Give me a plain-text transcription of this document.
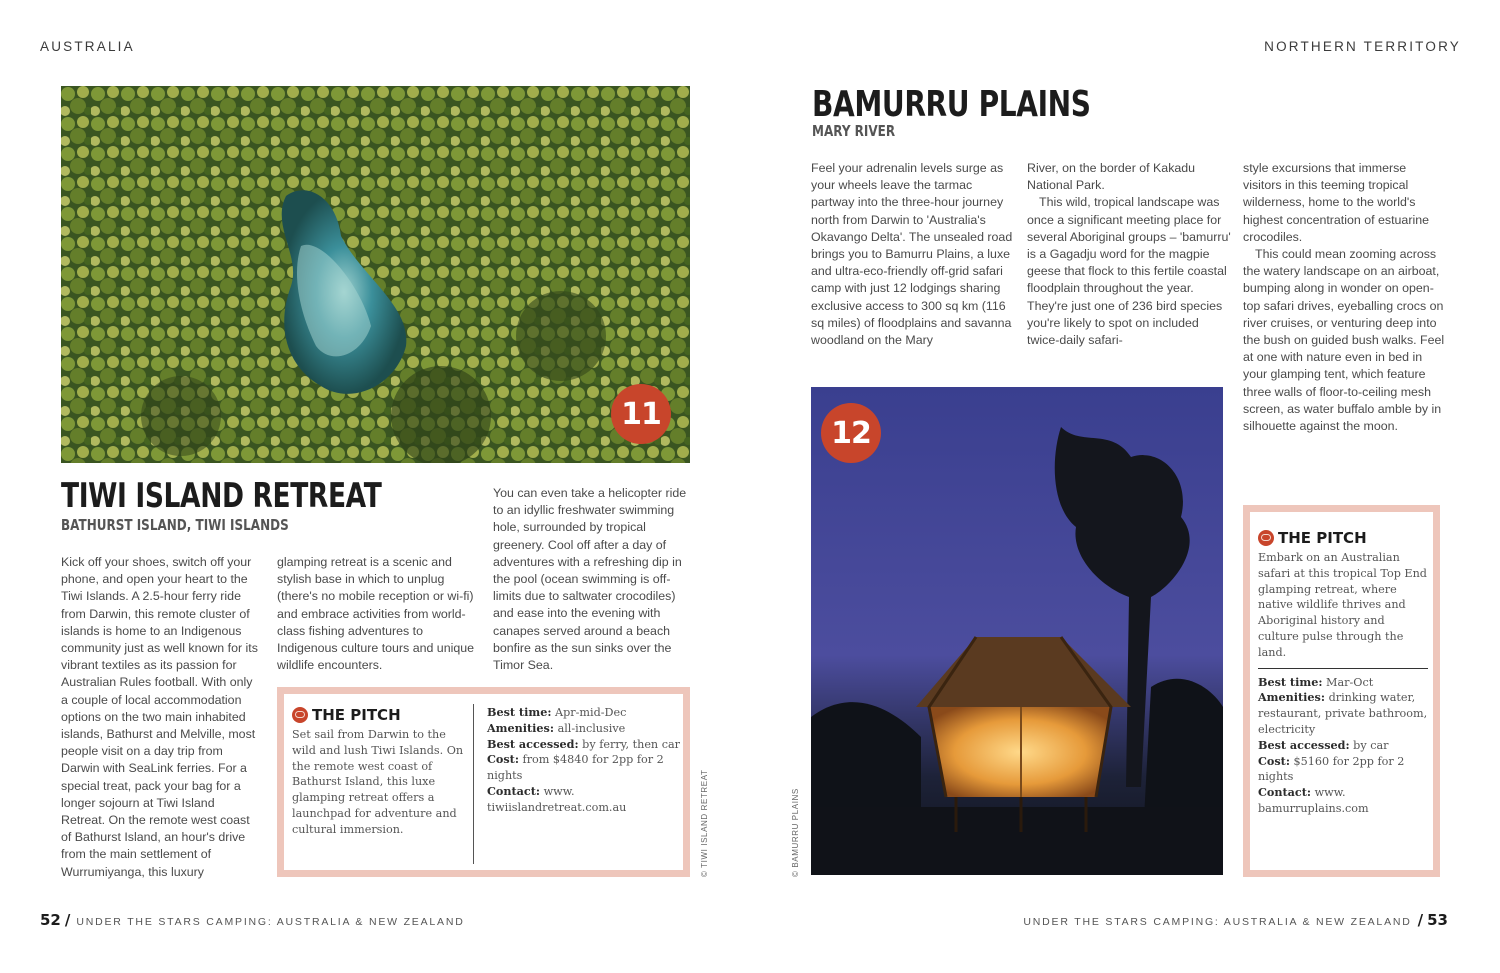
AUSTRALIA
11
TIWI ISLAND RETREAT
BATHURST ISLAND, TIWI ISLANDS

Kick off your shoes, switch off your phone, and open your heart to the Tiwi Islands. A 2.5-hour ferry ride from Darwin, this remote cluster of islands is home to an Indigenous community just as well known for its vibrant textiles as its passion for Australian Rules football. With only a couple of local accommodation options on the two main inhabited islands, Bathurst and Melville, most people visit on a day trip from Darwin with SeaLink ferries. For a special treat, pack your bag for a longer sojourn at Tiwi Island Retreat. On the remote west coast of Bathurst Island, an hour's drive from the main settlement of Wurrumiyanga, this luxury

glamping retreat is a scenic and stylish base in which to unplug (there's no mobile reception or wi-fi) and embrace activities from world-class fishing adventures to Indigenous culture tours and unique wildlife encounters.

You can even take a helicopter ride to an idyllic freshwater swimming hole, surrounded by tropical greenery. Cool off after a day of adventures with a refreshing dip in the pool (ocean swimming is off-limits due to saltwater crocodiles) and ease into the evening with canapes served around a beach bonfire as the sun sinks over the Timor Sea.

THE PITCH
Set sail from Darwin to the wild and lush Tiwi Islands. On the remote west coast of Bathurst Island, this luxe glamping retreat offers a launchpad for adventure and cultural immersion.
Best time: Apr-mid-Dec
Amenities: all-inclusive
Best accessed: by ferry, then car
Cost: from $4840 for 2pp for 2 nights
Contact: www. tiwiislandretreat.com.au	© TIWI ISLAND RETREAT
52 / UNDER THE STARS CAMPING: AUSTRALIA & NEW ZEALAND
NORTHERN TERRITORY
BAMURRU PLAINS
MARY RIVER

Feel your adrenalin levels surge as your wheels leave the tarmac partway into the three-hour journey north from Darwin to 'Australia's Okavango Delta'. The unsealed road brings you to Bamurru Plains, a luxe and ultra-eco-friendly off-grid safari camp with just 12 lodgings sharing exclusive access to 300 sq km (116 sq miles) of floodplains and savanna woodland on the Mary

River, on the border of Kakadu National Park.

This wild, tropical landscape was once a significant meeting place for several Aboriginal groups – 'bamurru' is a Gagadju word for the magpie geese that flock to this fertile coastal floodplain throughout the year. They're just one of 236 bird species you're likely to spot on included twice-daily safari-

style excursions that immerse visitors in this teeming tropical wilderness, home to the world's highest concentration of estuarine crocodiles.

This could mean zooming across the watery landscape on an airboat, bumping along in wonder on open-top safari drives, eyeballing crocs on river cruises, or venturing deep into the bush on guided bush walks. Feel at one with nature even in bed in your glamping tent, which feature three walls of floor-to-ceiling mesh screen, as water buffalo amble by in silhouette against the moon.

12
© BAMURRU PLAINS
THE PITCH
Embark on an Australian safari at this tropical Top End glamping retreat, where native wildlife thrives and Aboriginal history and culture pulse through the land.
Best time: Mar-Oct
Amenities: drinking water, restaurant, private bathroom, electricity
Best accessed: by car
Cost: $5160 for 2pp for 2 nights
Contact: www. bamurruplains.com
UNDER THE STARS CAMPING: AUSTRALIA & NEW ZEALAND / 53
